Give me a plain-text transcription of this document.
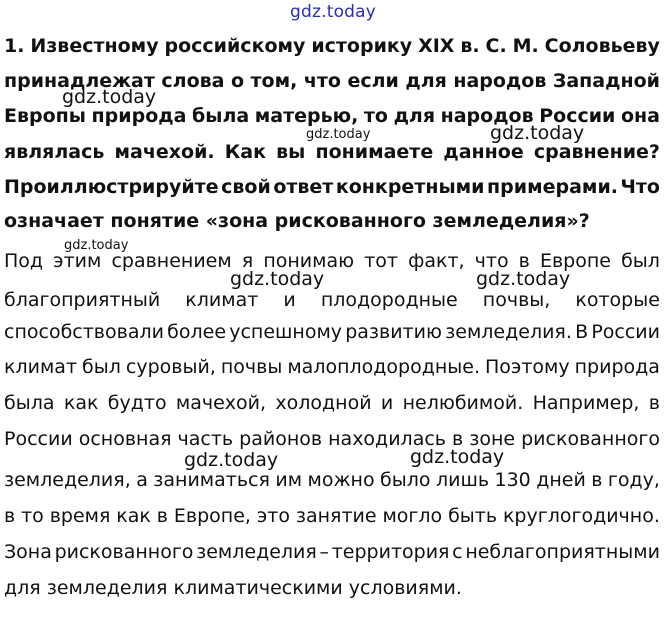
gdz.today
1. Известному российскому историку XIX в. С. М. Соловьеву
принадлежат слова о том, что если для народов Западной
Европы природа была матерью, то для народов России она
являлась мачехой. Как вы понимаете данное сравнение?
Проиллюстрируйте свой ответ конкретными примерами. Что
означает понятие «зона рискованного земледелия»?
Под этим сравнением я понимаю тот факт, что в Европе был
благоприятный климат и плодородные почвы, которые
способствовали более успешному развитию земледелия. В России
климат был суровый, почвы малоплодородные. Поэтому природа
была как будто мачехой, холодной и нелюбимой. Например, в
России основная часть районов находилась в зоне рискованного
земледелия, а заниматься им можно было лишь 130 дней в году,
в то время как в Европе, это занятие могло быть круглогодично.
Зона рискованного земледелия – территория с неблагоприятными
для земледелия климатическими условиями.
gdz.today
gdz.today	gdz.today
gdz.today
gdz.today	gdz.today
gdz.today	gdz.today
